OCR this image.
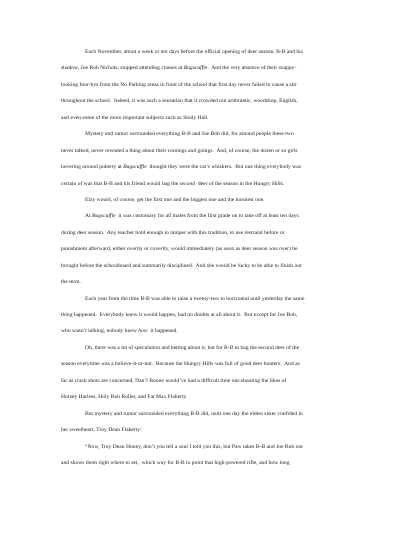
Each November, about a week or ten days before the official opening of deer season, B-B and his
shadow, Joe Bob Nichols, stopped attending classes at Bugscuffle.  And the very absence of their snappy-
looking four-bys from the No Parking areas in front of the school that first day never failed to cause a stir
throughout the school.  Indeed, it was such a sensation that it crowded out arithmetic, woodshop, English,
and even some of the more important subjects such as Study Hall.
Mystery and rumor surrounded everything B-B and Joe Bob did, for around people these two
never talked, never revealed a thing about their comings and goings.  And, of course, the dozen or so girls
hovering around puberty at Bugscuffle  thought they were the cat’s whiskers.  But one thing everybody was
certain of was that B-B and his friend would bag the second  deer of the season in the Hungry Hills.
Elzy would, of course, get the first one and the biggest one and the horniest one.
At Bugscuffle  it was customary for all males from the first grade on to take off at least ten days
during deer season.  Any teacher bold enough to tamper with this tradition, to use restraint before or
punishment afterward, either overtly or covertly, would immediately (as soon as deer season was over) be
brought before the schoolboard and summarily disciplined.  And she would be lucky to be able to finish out
the term.
Each year from the time B-B was able to raise a twenty-two to horizontal until yesterday the same
thing happened.  Everybody knew it would happen, had no doubts at all about it.  But except for Joe Bob,
who wasn’t talking, nobody knew how  it happened.
Oh, there was a lot of speculation and betting about it, but for B-B to bag the second deer of the
season everytime was a believe-it-or-not.  Because the Hungry Hills was full of good deer hunters.  And as
far as crack shots are concerned, Dan’l Boone would’ve had a difficult time out-shooting the likes of
Horsey Harless, Holy Bob Roller, and Fat Max Flaherty.
But mystery and rumor surrounded everything B-B did, until one day the eldest sister confided in
her sweetheart, Troy Dean Flaherty:
“Now, Troy Dean Honey, don’t you tell a soul I told you this, but Paw takes B-B and Joe Bob out
and shows them right where to set,  which way for B-B to point that high-powered rifle, and how long
